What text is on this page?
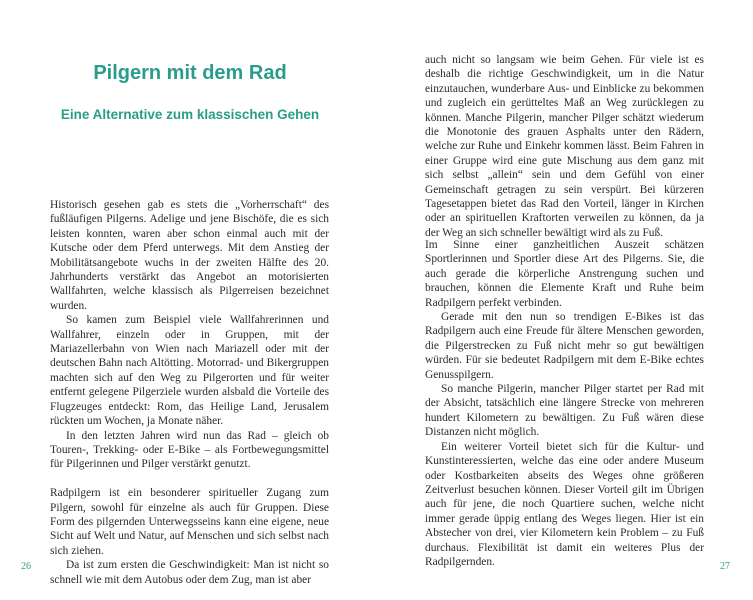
Pilgern mit dem Rad
Eine Alternative zum klassischen Gehen

Historisch gesehen gab es stets die „Vorherrschaft“ des fußläufigen Pilgerns. Adelige und jene Bischöfe, die es sich leisten konnten, waren aber schon einmal auch mit der Kutsche oder dem Pferd unterwegs. Mit dem Anstieg der Mobilitätsangebote wuchs in der zweiten Hälfte des 20. Jahrhunderts verstärkt das Angebot an motorisierten Wallfahrten, welche klassisch als Pilgerreisen bezeichnet wurden.

So kamen zum Beispiel viele Wallfahrerinnen und Wallfahrer, einzeln oder in Gruppen, mit der Mariazellerbahn von Wien nach Mariazell oder mit der deutschen Bahn nach Altötting. Motorrad- und Bikergruppen machten sich auf den Weg zu Pilgerorten und für weiter entfernt gelegene Pilgerziele wurden alsbald die Vorteile des Flugzeuges entdeckt: Rom, das Heilige Land, Jerusalem rückten um Wochen, ja Monate näher.

In den letzten Jahren wird nun das Rad – gleich ob Touren-, Trekking- oder E-Bike – als Fortbewegungsmittel für Pilgerinnen und Pilger verstärkt genutzt.

Radpilgern ist ein besonderer spiritueller Zugang zum Pilgern, sowohl für einzelne als auch für Gruppen. Diese Form des pilgernden Unterwegsseins kann eine eigene, neue Sicht auf Welt und Natur, auf Menschen und sich selbst nach sich ziehen.

Da ist zum ersten die Geschwindigkeit: Man ist nicht so schnell wie mit dem Autobus oder dem Zug, man ist aber

auch nicht so langsam wie beim Gehen. Für viele ist es deshalb die richtige Geschwindigkeit, um in die Natur einzutauchen, wunderbare Aus- und Einblicke zu bekommen und zugleich ein gerütteltes Maß an Weg zurücklegen zu können. Manche Pilgerin, mancher Pilger schätzt wiederum die Monotonie des grauen Asphalts unter den Rädern, welche zur Ruhe und Einkehr kommen lässt. Beim Fahren in einer Gruppe wird eine gute Mischung aus dem ganz mit sich selbst „allein“ sein und dem Gefühl von einer Gemeinschaft getragen zu sein verspürt. Bei kürzeren Tagesetappen bietet das Rad den Vorteil, länger in Kirchen oder an spirituellen Kraftorten verweilen zu können, da ja der Weg an sich schneller bewältigt wird als zu Fuß.

Im Sinne einer ganzheitlichen Auszeit schätzen Sportlerinnen und Sportler diese Art des Pilgerns. Sie, die auch gerade die körperliche Anstrengung suchen und brauchen, können die Elemente Kraft und Ruhe beim Radpilgern perfekt verbinden.

Gerade mit den nun so trendigen E-Bikes ist das Radpilgern auch eine Freude für ältere Menschen geworden, die Pilgerstrecken zu Fuß nicht mehr so gut bewältigen würden. Für sie bedeutet Radpilgern mit dem E-Bike echtes Genusspilgern.

So manche Pilgerin, mancher Pilger startet per Rad mit der Absicht, tatsächlich eine längere Strecke von mehreren hundert Kilometern zu bewältigen. Zu Fuß wären diese Distanzen nicht möglich.

Ein weiterer Vorteil bietet sich für die Kultur- und Kunstinteressierten, welche das eine oder andere Museum oder Kostbarkeiten abseits des Weges ohne größeren Zeitverlust besuchen können. Dieser Vorteil gilt im Übrigen auch für jene, die noch Quartiere suchen, welche nicht immer gerade üppig entlang des Weges liegen. Hier ist ein Abstecher von drei, vier Kilometern kein Problem – zu Fuß durchaus. Flexibilität ist damit ein weiteres Plus der Radpilgernden.

26	27
